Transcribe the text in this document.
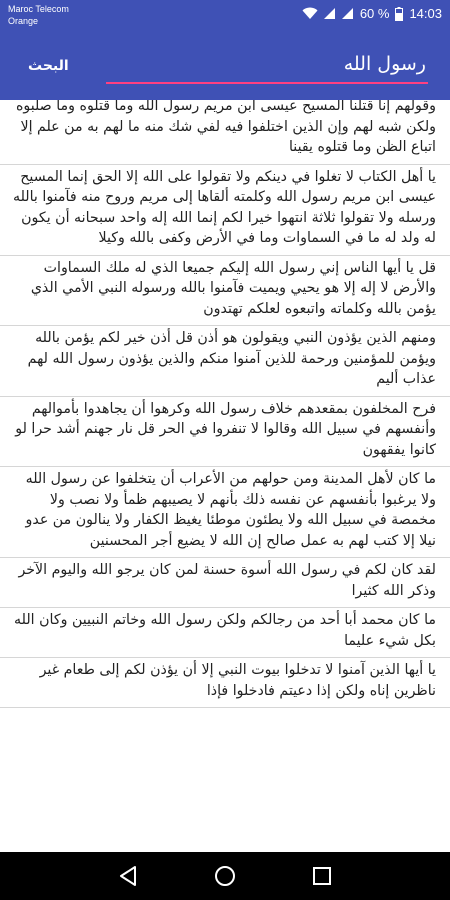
Maroc Telecom
Orange	60 % 14:03
البحث
رسول الله
وقولهم إنا قتلنا المسيح عيسى ابن مريم رسول الله وما قتلوه وما صلبوه ولكن شبه لهم وإن الذين اختلفوا فيه لفي شك منه ما لهم به من علم إلا اتباع الظن وما قتلوه يقينا
يا أهل الكتاب لا تغلوا في دينكم ولا تقولوا على الله إلا الحق إنما المسيح عيسى ابن مريم رسول الله وكلمته ألقاها إلى مريم وروح منه فآمنوا بالله ورسله ولا تقولوا ثلاثة انتهوا خيرا لكم إنما الله إله واحد سبحانه أن يكون له ولد له ما في السماوات وما في الأرض وكفى بالله وكيلا
قل يا أيها الناس إني رسول الله إليكم جميعا الذي له ملك السماوات والأرض لا إله إلا هو يحيي ويميت فآمنوا بالله ورسوله النبي الأمي الذي يؤمن بالله وكلماته واتبعوه لعلكم تهتدون
ومنهم الذين يؤذون النبي ويقولون هو أذن قل أذن خير لكم يؤمن بالله ويؤمن للمؤمنين ورحمة للذين آمنوا منكم والذين يؤذون رسول الله لهم عذاب أليم
فرح المخلفون بمقعدهم خلاف رسول الله وكرهوا أن يجاهدوا بأموالهم وأنفسهم في سبيل الله وقالوا لا تنفروا في الحر قل نار جهنم أشد حرا لو كانوا يفقهون
ما كان لأهل المدينة ومن حولهم من الأعراب أن يتخلفوا عن رسول الله ولا يرغبوا بأنفسهم عن نفسه ذلك بأنهم لا يصيبهم ظمأ ولا نصب ولا مخمصة في سبيل الله ولا يطئون موطئا يغيظ الكفار ولا ينالون من عدو نيلا إلا كتب لهم به عمل صالح إن الله لا يضيع أجر المحسنين
لقد كان لكم في رسول الله أسوة حسنة لمن كان يرجو الله واليوم الآخر وذكر الله كثيرا
ما كان محمد أبا أحد من رجالكم ولكن رسول الله وخاتم النبيين وكان الله بكل شيء عليما
يا أيها الذين آمنوا لا تدخلوا بيوت النبي إلا أن يؤذن لكم إلى طعام غير ناظرين إناه ولكن إذا دعيتم فادخلوا فإذا
